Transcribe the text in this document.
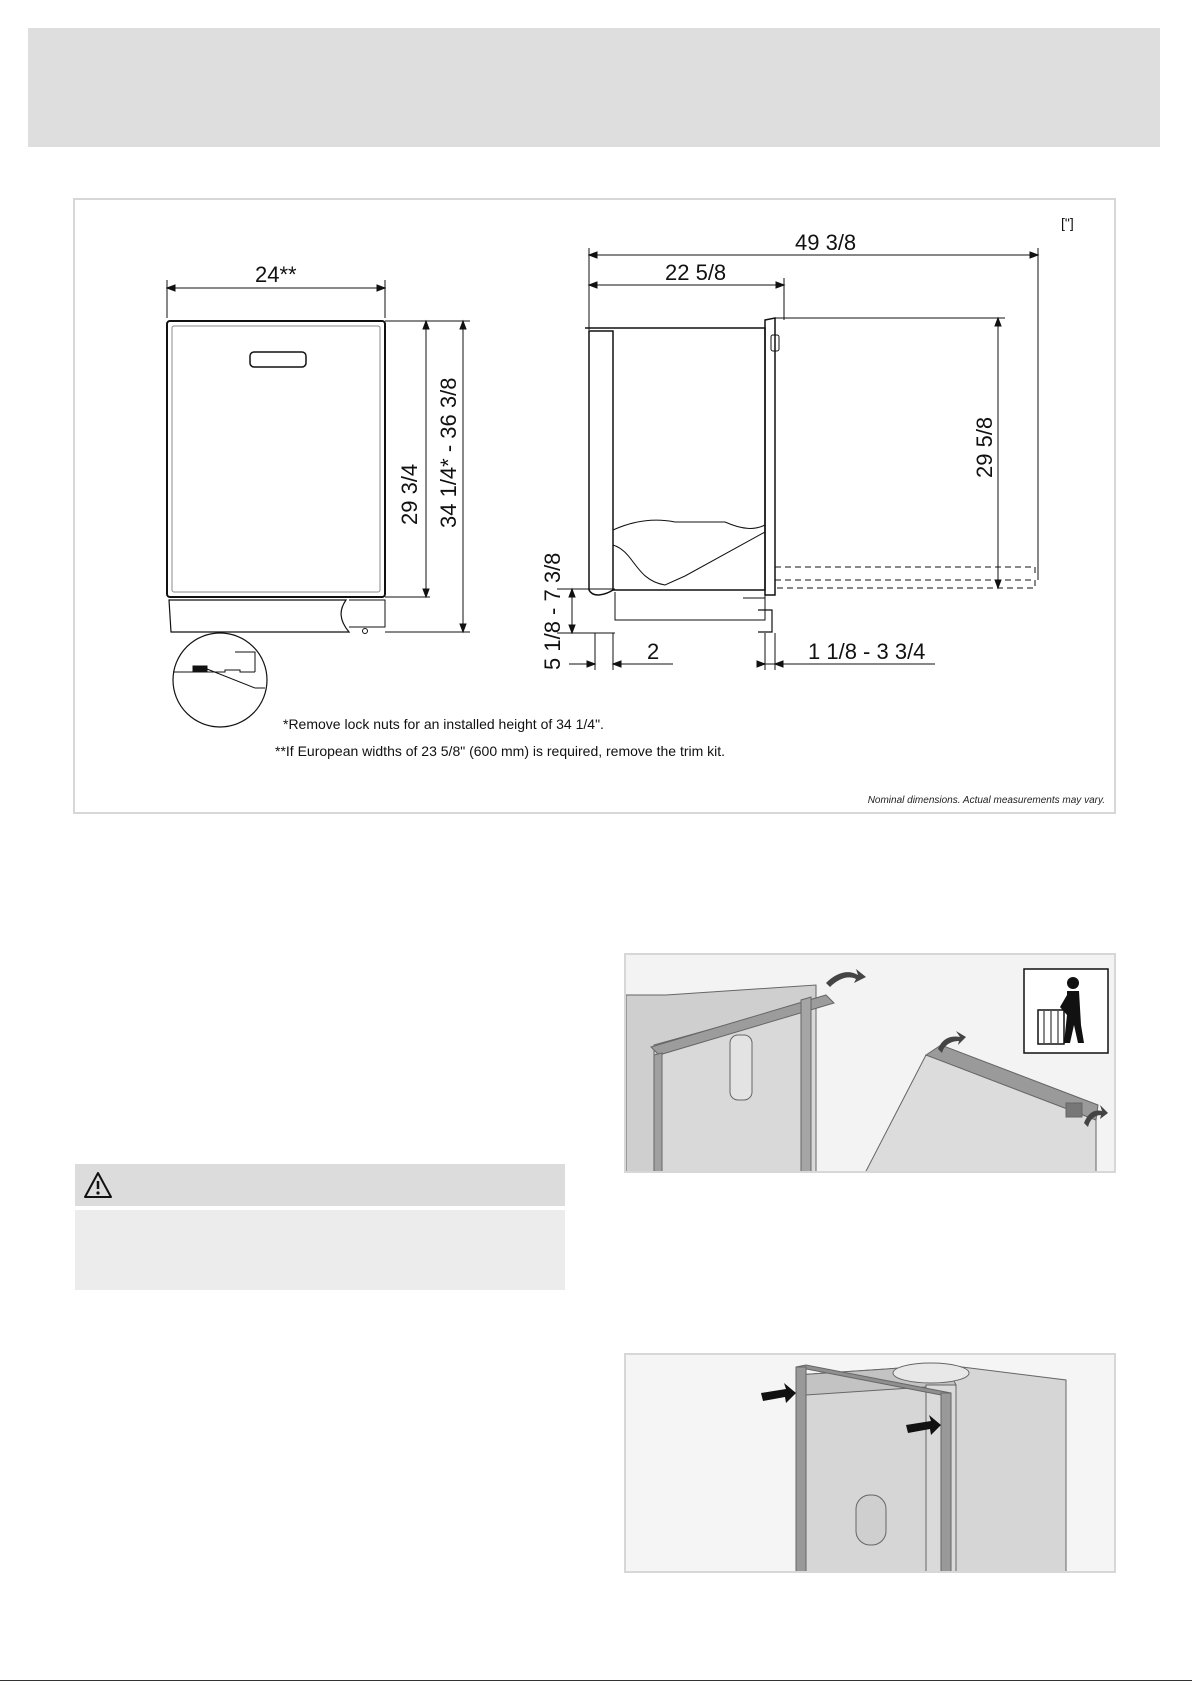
["]
49 3/8
22 5/8
24**
29 3/4 34 1/4* - 36 3/8	29 5/8
5 1/8 - 7 3/8	2	1 1/8 - 3 3/4
*Remove lock nuts for an installed height of 34 1/4".
**If European widths of 23 5/8" (600 mm) is required, remove the trim kit.
Nominal dimensions. Actual measurements may vary.
